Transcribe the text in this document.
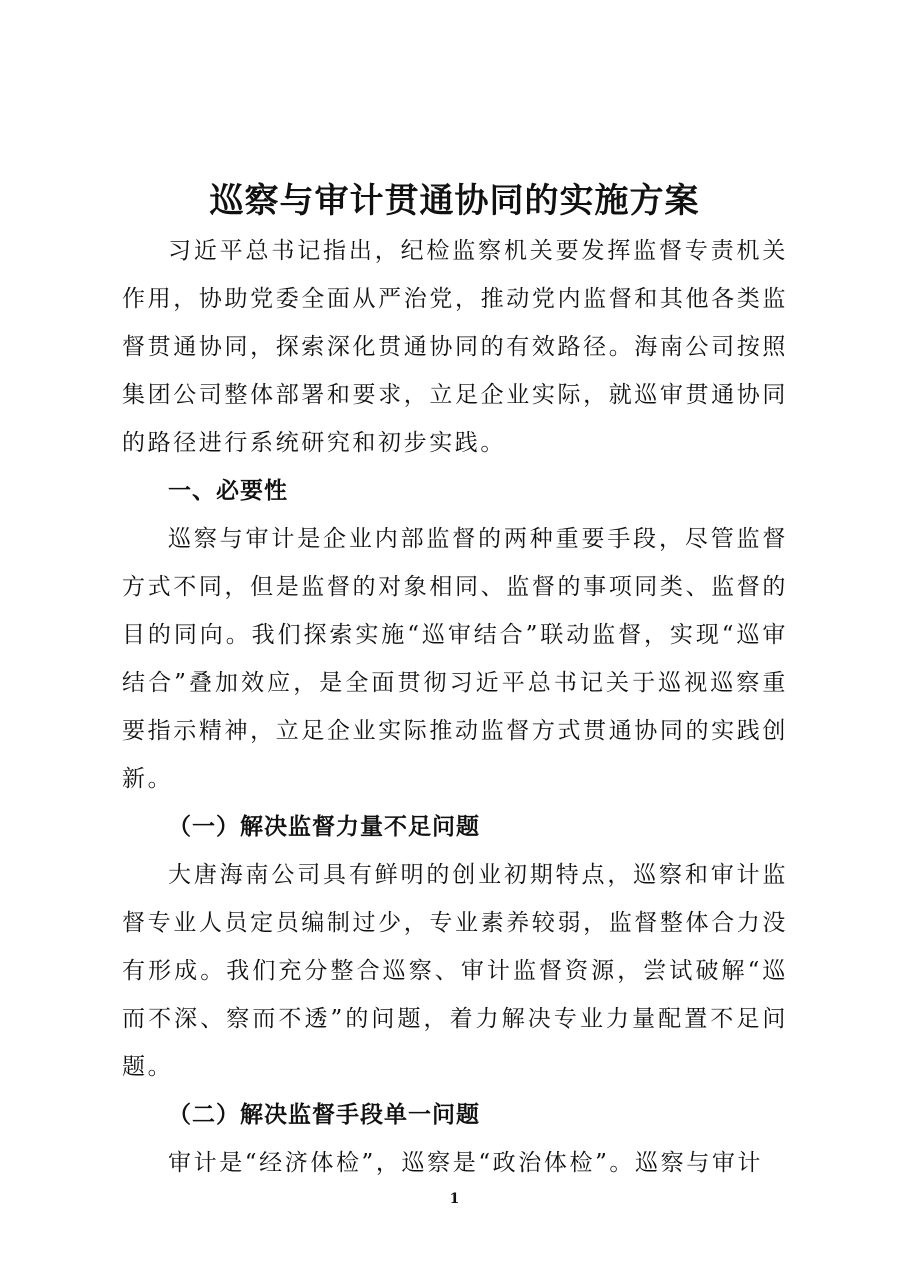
巡察与审计贯通协同的实施方案

习近平总书记指出，纪检监察机关要发挥监督专责机关作用，协助党委全面从严治党，推动党内监督和其他各类监督贯通协同，探索深化贯通协同的有效路径。海南公司按照集团公司整体部署和要求，立足企业实际，就巡审贯通协同的路径进行系统研究和初步实践。

一、必要性

巡察与审计是企业内部监督的两种重要手段，尽管监督方式不同，但是监督的对象相同、监督的事项同类、监督的目的同向。我们探索实施“巡审结合”联动监督，实现“巡审结合”叠加效应，是全面贯彻习近平总书记关于巡视巡察重要指示精神，立足企业实际推动监督方式贯通协同的实践创新。

（一）解决监督力量不足问题

大唐海南公司具有鲜明的创业初期特点，巡察和审计监督专业人员定员编制过少，专业素养较弱，监督整体合力没有形成。我们充分整合巡察、审计监督资源，尝试破解“巡而不深、察而不透”的问题，着力解决专业力量配置不足问题。

（二）解决监督手段单一问题

审计是“经济体检”，巡察是“政治体检”。巡察与审计

1
